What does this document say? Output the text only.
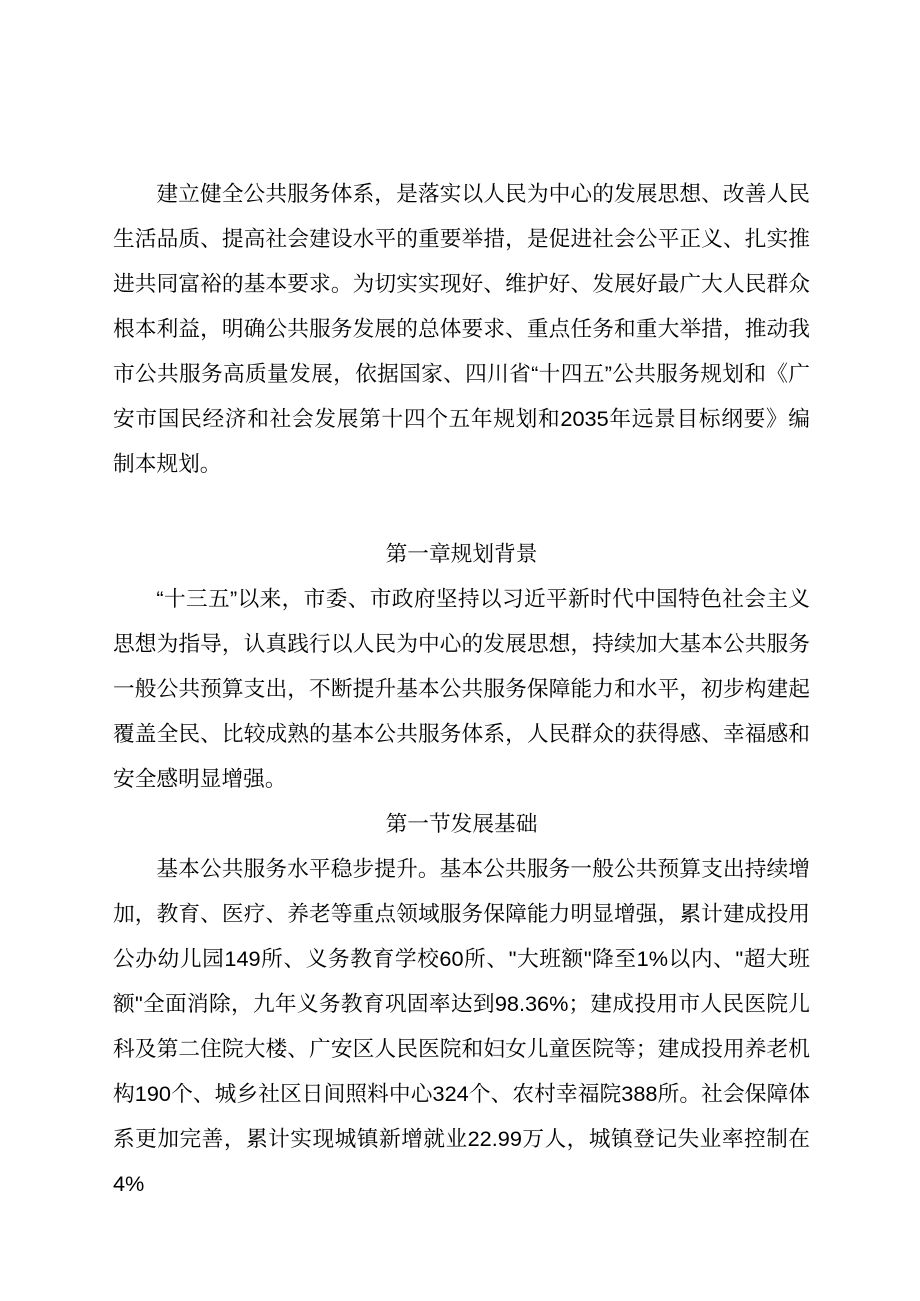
建立健全公共服务体系，是落实以人民为中心的发展思想、改善人民生活品质、提高社会建设水平的重要举措，是促进社会公平正义、扎实推进共同富裕的基本要求。为切实实现好、维护好、发展好最广大人民群众根本利益，明确公共服务发展的总体要求、重点任务和重大举措，推动我市公共服务高质量发展，依据国家、四川省“十四五”公共服务规划和《广安市国民经济和社会发展第十四个五年规划和2035年远景目标纲要》编制本规划。

第一章规划背景

“十三五”以来，市委、市政府坚持以习近平新时代中国特色社会主义思想为指导，认真践行以人民为中心的发展思想，持续加大基本公共服务一般公共预算支出，不断提升基本公共服务保障能力和水平，初步构建起覆盖全民、比较成熟的基本公共服务体系，人民群众的获得感、幸福感和安全感明显增强。

第一节发展基础

基本公共服务水平稳步提升。基本公共服务一般公共预算支出持续增加，教育、医疗、养老等重点领域服务保障能力明显增强，累计建成投用公办幼儿园149所、义务教育学校60所、"大班额"降至1%以内、"超大班额"全面消除，九年义务教育巩固率达到98.36%；建成投用市人民医院儿科及第二住院大楼、广安区人民医院和妇女儿童医院等；建成投用养老机构190个、城乡社区日间照料中心324个、农村幸福院388所。社会保障体系更加完善，累计实现城镇新增就业22.99万人，城镇登记失业率控制在4%
